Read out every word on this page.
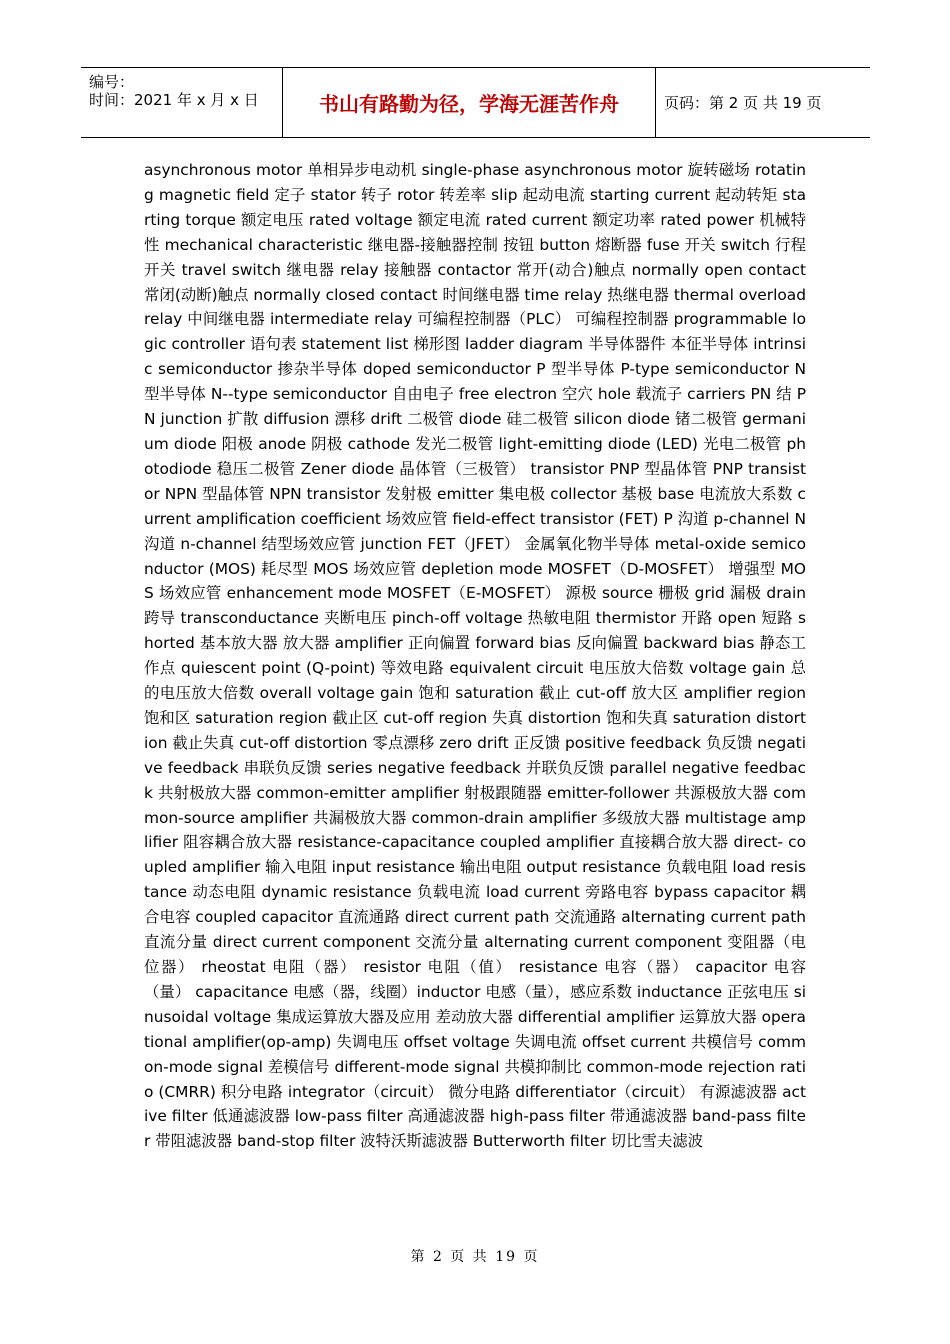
编号：
时间：2021 年 x 月 x 日	书山有路勤为径，学海无涯苦作舟	页码：第 2 页 共 19 页
asynchronous motor 单相异步电动机 single-phase asynchronous motor 旋转磁场 rotating magnetic field 定子 stator 转子 rotor 转差率 slip 起动电流 starting current 起动转矩 starting torque 额定电压 rated voltage 额定电流 rated current 额定功率 rated power 机械特性 mechanical characteristic 继电器-接触器控制 按钮 button 熔断器 fuse 开关 switch 行程开关 travel switch 继电器 relay 接触器 contactor 常开(动合)触点 normally open contact 常闭(动断)触点 normally closed contact 时间继电器 time relay 热继电器 thermal overload relay 中间继电器 intermediate relay 可编程控制器（PLC） 可编程控制器 programmable logic controller 语句表 statement list 梯形图 ladder diagram 半导体器件 本征半导体 intrinsic semiconductor 掺杂半导体 doped semiconductor P 型半导体 P-type semiconductor N 型半导体 N--type semiconductor 自由电子 free electron 空穴 hole 载流子 carriers PN 结 PN junction 扩散 diffusion 漂移 drift 二极管 diode 硅二极管 silicon diode 锗二极管 germanium diode 阳极 anode 阴极 cathode 发光二极管 light-emitting diode (LED) 光电二极管 photodiode 稳压二极管 Zener diode 晶体管（三极管） transistor PNP 型晶体管 PNP transistor NPN 型晶体管 NPN transistor 发射极 emitter 集电极 collector 基极 base 电流放大系数 current amplification coefficient 场效应管 field-effect transistor (FET) P 沟道 p-channel N 沟道 n-channel 结型场效应管 junction FET（JFET） 金属氧化物半导体 metal-oxide semiconductor (MOS) 耗尽型 MOS 场效应管 depletion mode MOSFET（D-MOSFET） 增强型 MOS 场效应管 enhancement mode MOSFET（E-MOSFET） 源极 source 栅极 grid 漏极 drain 跨导 transconductance 夹断电压 pinch-off voltage 热敏电阻 thermistor 开路 open 短路 shorted 基本放大器 放大器 amplifier 正向偏置 forward bias 反向偏置 backward bias 静态工作点 quiescent point (Q-point) 等效电路 equivalent circuit 电压放大倍数 voltage gain 总的电压放大倍数 overall voltage gain 饱和 saturation 截止 cut-off 放大区 amplifier region 饱和区 saturation region 截止区 cut-off region 失真 distortion 饱和失真 saturation distortion 截止失真 cut-off distortion 零点漂移 zero drift 正反馈 positive feedback 负反馈 negative feedback 串联负反馈 series negative feedback 并联负反馈 parallel negative feedback 共射极放大器 common-emitter amplifier 射极跟随器 emitter-follower 共源极放大器 common-source amplifier 共漏极放大器 common-drain amplifier 多级放大器 multistage amplifier 阻容耦合放大器 resistance-capacitance coupled amplifier 直接耦合放大器 direct- coupled amplifier 输入电阻 input resistance 输出电阻 output resistance 负载电阻 load resistance 动态电阻 dynamic resistance 负载电流 load current 旁路电容 bypass capacitor 耦合电容 coupled capacitor 直流通路 direct current path 交流通路 alternating current path 直流分量 direct current component 交流分量 alternating current component 变阻器（电位器） rheostat 电阻（器） resistor 电阻（值） resistance 电容（器） capacitor 电容（量） capacitance 电感（器，线圈）inductor 电感（量），感应系数 inductance 正弦电压 sinusoidal voltage 集成运算放大器及应用 差动放大器 differential amplifier 运算放大器 operational amplifier(op-amp) 失调电压 offset voltage 失调电流 offset current 共模信号 common-mode signal 差模信号 different-mode signal 共模抑制比 common-mode rejection ratio (CMRR) 积分电路 integrator（circuit） 微分电路 differentiator（circuit） 有源滤波器 active filter 低通滤波器 low-pass filter 高通滤波器 high-pass filter 带通滤波器 band-pass filter 带阻滤波器 band-stop filter 波特沃斯滤波器 Butterworth filter 切比雪夫滤波
第 2 页 共 19 页
